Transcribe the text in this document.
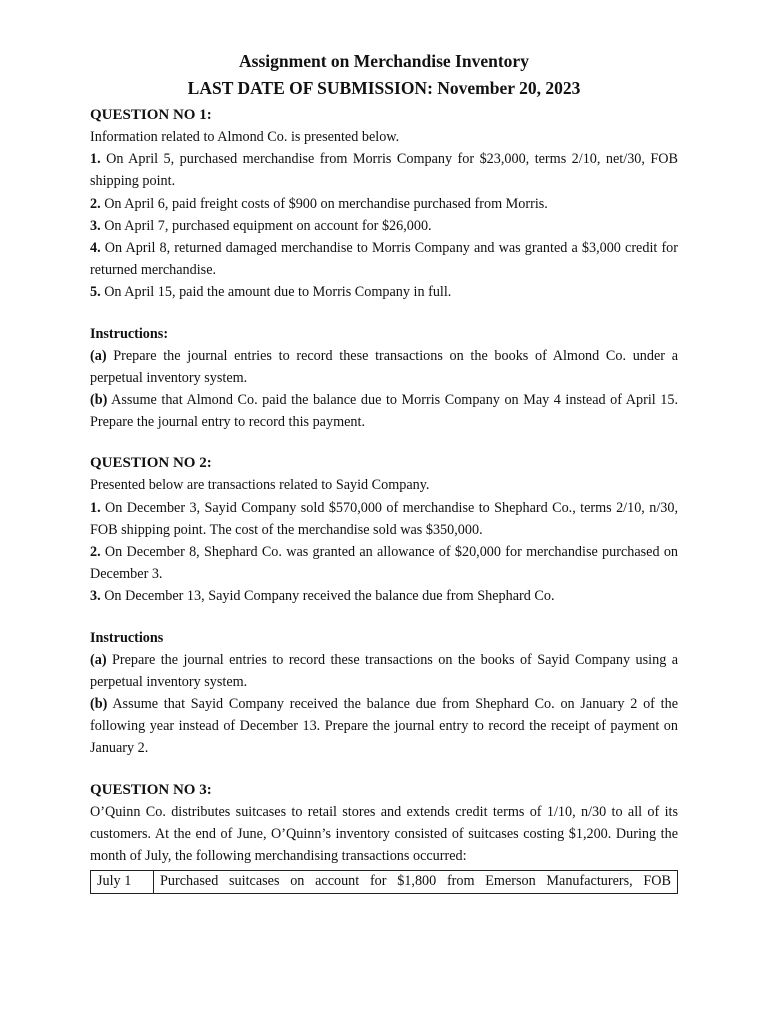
Assignment on Merchandise Inventory

LAST DATE OF SUBMISSION: November 20, 2023

QUESTION NO 1:

Information related to Almond Co. is presented below.

1. On April 5, purchased merchandise from Morris Company for $23,000, terms 2/10, net/30, FOB shipping point.

2. On April 6, paid freight costs of $900 on merchandise purchased from Morris.

3. On April 7, purchased equipment on account for $26,000.

4. On April 8, returned damaged merchandise to Morris Company and was granted a $3,000 credit for returned merchandise.

5. On April 15, paid the amount due to Morris Company in full.

Instructions:

(a) Prepare the journal entries to record these transactions on the books of Almond Co. under a perpetual inventory system.

(b) Assume that Almond Co. paid the balance due to Morris Company on May 4 instead of April 15. Prepare the journal entry to record this payment.

QUESTION NO 2:

Presented below are transactions related to Sayid Company.

1. On December 3, Sayid Company sold $570,000 of merchandise to Shephard Co., terms 2/10, n/30, FOB shipping point. The cost of the merchandise sold was $350,000.

2. On December 8, Shephard Co. was granted an allowance of $20,000 for merchandise purchased on December 3.

3. On December 13, Sayid Company received the balance due from Shephard Co.

Instructions

(a) Prepare the journal entries to record these transactions on the books of Sayid Company using a perpetual inventory system.

(b) Assume that Sayid Company received the balance due from Shephard Co. on January 2 of the following year instead of December 13. Prepare the journal entry to record the receipt of payment on January 2.

QUESTION NO 3:

O’Quinn Co. distributes suitcases to retail stores and extends credit terms of 1/10, n/30 to all of its customers. At the end of June, O’Quinn’s inventory consisted of suitcases costing $1,200. During the month of July, the following merchandising transactions occurred:

July 1	Purchased suitcases on account for $1,800 from Emerson Manufacturers, FOB
